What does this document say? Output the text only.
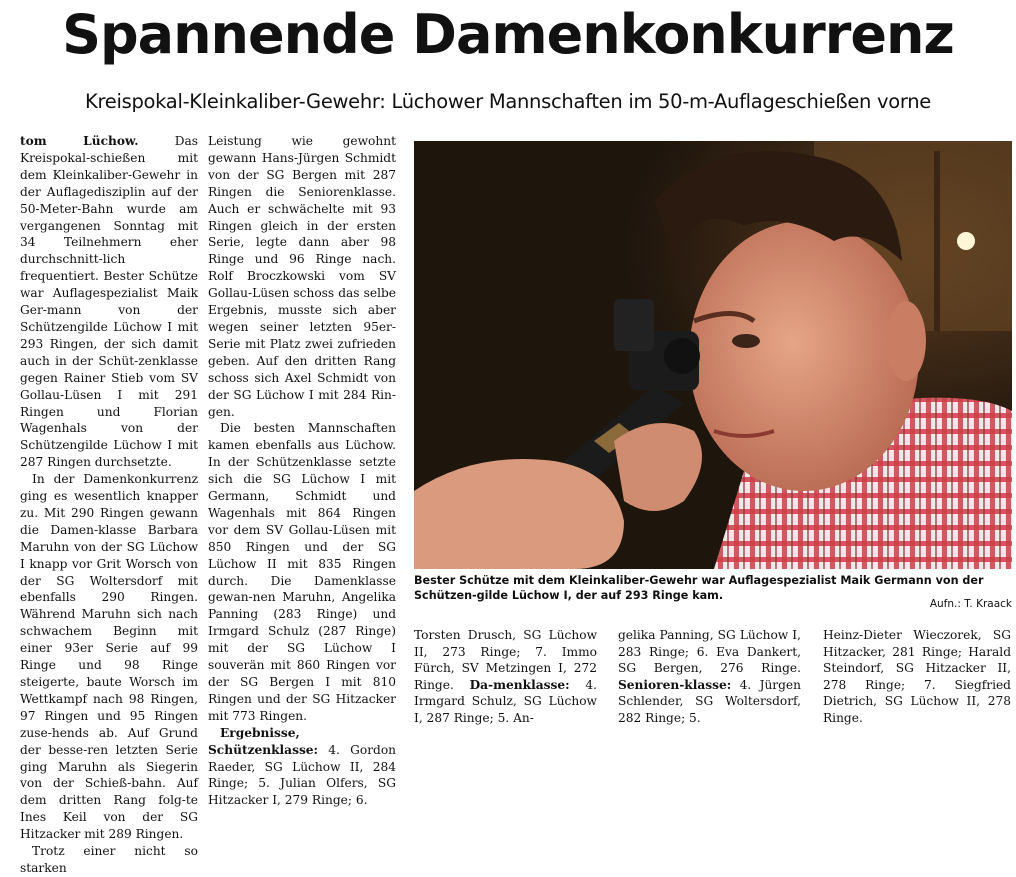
Spannende Damenkonkurrenz
Kreispokal-Kleinkaliber-Gewehr: Lüchower Mannschaften im 50-m-Auflageschießen vorne

tom Lüchow.	Das Kreispokal-schießen mit dem Kleinkaliber-Gewehr in der Auflagedisziplin auf der 50-Meter-Bahn wurde am vergangenen Sonntag mit 34 Teilnehmern eher durchschnitt-lich frequentiert. Bester Schütze war Auflagespezialist Maik Ger-mann von der Schützengilde Lüchow I mit 293 Ringen, der sich damit auch in der Schüt-zenklasse gegen Rainer Stieb vom SV Gollau-Lüsen I mit 291 Ringen und Florian Wagenhals von der Schützengilde Lüchow I mit 287 Ringen durchsetzte.

In der Damenkonkurrenz ging es wesentlich knapper zu. Mit 290 Ringen gewann die Damen-klasse Barbara Maruhn von der SG Lüchow I knapp vor Grit Worsch von der SG Woltersdorf mit ebenfalls 290 Ringen. Während Maruhn sich nach schwachem Beginn mit einer 93er Serie auf 99 Ringe und 98 Ringe steigerte, baute Worsch im Wettkampf nach 98 Ringen, 97 Ringen und 95 Ringen zuse-hends ab. Auf Grund der besse-ren letzten Serie ging Maruhn als Siegerin von der Schieß-bahn. Auf dem dritten Rang folg-te Ines Keil von der SG Hitzacker mit 289 Ringen.

Trotz einer nicht so starken

Leistung wie gewohnt gewann Hans-Jürgen Schmidt von der SG Bergen mit 287 Ringen die Seniorenklasse. Auch er schwächelte mit 93 Ringen gleich in der ersten Serie, legte dann aber 98 Ringe und 96 Ringe nach. Rolf Broczkowski vom SV Gollau-Lüsen schoss das selbe Ergebnis, musste sich aber wegen seiner letzten 95er-Serie mit Platz zwei zufrieden geben. Auf den dritten Rang schoss sich Axel Schmidt von der SG Lüchow I mit 284 Rin-gen.

Die besten Mannschaften kamen ebenfalls aus Lüchow. In der Schützenklasse setzte sich die SG Lüchow I mit Germann, Schmidt und Wagenhals mit 864 Ringen vor dem SV Gollau-Lüsen mit 850 Ringen und der SG Lüchow II mit 835 Ringen durch. Die Damenklasse gewan-nen Maruhn, Angelika Panning (283 Ringe) und Irmgard Schulz (287 Ringe) mit der SG Lüchow I souverän mit 860 Ringen vor der SG Bergen I mit 810 Ringen und der SG Hitzacker mit 773 Ringen.

Ergebnisse, Schützenklasse: 4. Gordon Raeder, SG Lüchow II, 284 Ringe; 5. Julian Olfers, SG Hitzacker I, 279 Ringe; 6.

Bester Schütze mit dem Kleinkaliber-Gewehr war Auflagespezialist Maik Germann von der Schützen-gilde Lüchow I, der auf 293 Ringe kam.
Aufn.: T. Kraack

Torsten Drusch, SG Lüchow II, 273 Ringe; 7. Immo Fürch, SV Metzingen I, 272 Ringe. Da-menklasse: 4. Irmgard Schulz, SG Lüchow I, 287 Ringe; 5. An-

gelika Panning, SG Lüchow I, 283 Ringe; 6. Eva Dankert, SG Bergen, 276 Ringe. Senioren-klasse: 4. Jürgen Schlender, SG Woltersdorf, 282 Ringe; 5.

Heinz-Dieter Wieczorek, SG Hitzacker, 281 Ringe; Harald Steindorf, SG Hitzacker II, 278 Ringe; 7. Siegfried Dietrich, SG Lüchow II, 278 Ringe.
